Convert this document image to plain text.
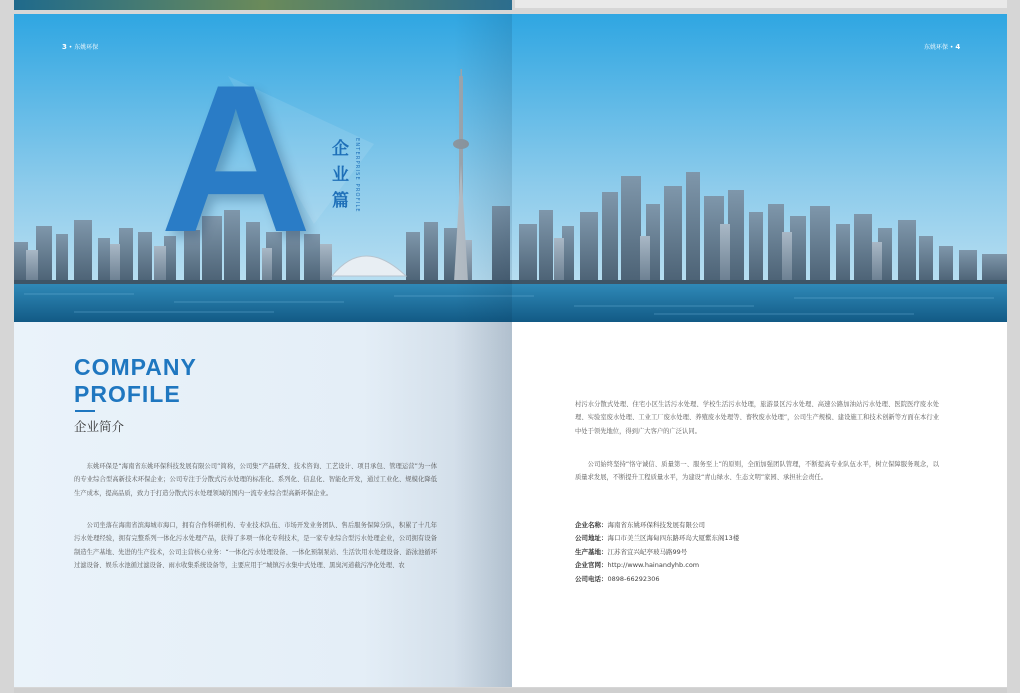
3 • 东姚环保	东姚环保 • 4
A 企
业
篇	ENTERPRISE PROFILE
COMPANY
PROFILE
企业简介

东姚环保是“海南省东姚环保科技发展有限公司”简称，公司集“产品研发、技术咨询、工艺设计、项目承包、管理运营”为一体的专业综合型高新技术环保企业；公司专注于分散式污水处理的标准化、系列化、信息化、智能化开发，通过工业化、规模化降低生产成本，提高品质，致力于打造分散式污水处理领域的国内一流专业综合型高新环保企业。

公司坐落在海南省滨海城市海口，拥有合作科研机构、专业技术队伍、市场开发业务团队、售后服务保障分队，积累了十几年污水处理经验，拥有完整系列一体化污水处理产品，获得了多项一体化专利技术，是一家专业综合型污水处理企业，公司拥有设备制造生产基地、先进的生产技术，公司主营核心业务：“一体化污水处理设备、一体化预制泵站、生活饮用水处理设备、游泳池循环过滤设备、娱乐水池循过滤设备、雨水收集系统设备等，主要应用于“城镇污水集中式处理、黑臭河道截污净化处理、农

村污水分散式处理、住宅小区生活污水处理、学校生活污水处理，旅游景区污水处理、高速公路加油站污水处理、医院医疗废水处理、实验室废水处理、工业工厂废水处理、养殖废水处理等、畜牧废水处理”，公司生产规模、建设施工和技术创新等方面在本行业中处于领先地位，得到广大客户的广泛认同。

公司始终坚持“恪守诚信、质量第一、服务至上”的原则，全面加强团队管理，不断提高专业队伍水平，树立保障服务观念，以质量求发展，不断提升工程质量水平，为建设“青山绿水、生态文明”家园、承担社会责任。

企业名称：海南省东姚环保科技发展有限公司
公司地址：海口市美兰区海甸四东路环岛大厦紫东阁13楼
生产基地：江苏省宜兴屺亭玻马路99号
企业官网：http://www.hainandyhb.com
公司电话：0898-66292306
